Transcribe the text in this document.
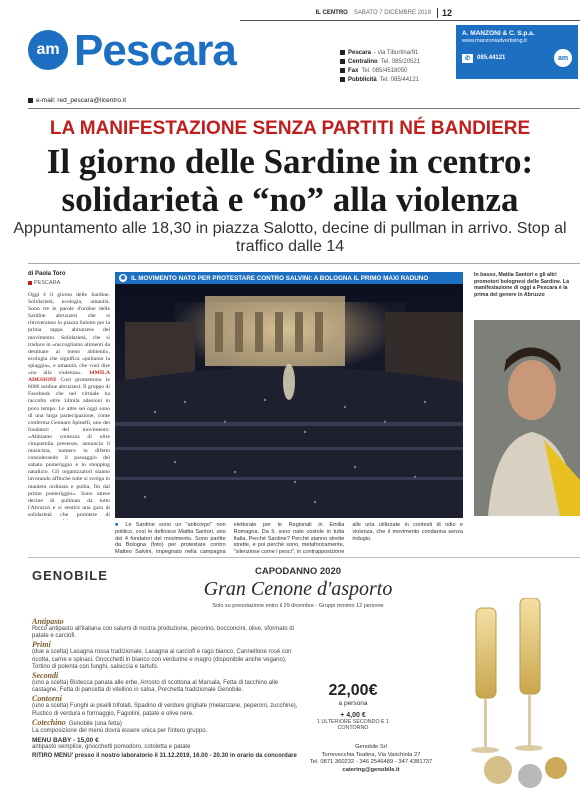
am Pescara
IL CENTRO SABATO 7 DICEMBRE 2019	12
Pescara - via Tiburtina/91
Centralino Tel. 085/20521
Fax Tel. 085/4518050
Pubblicità Tel. 085/44121
A. MANZONI & C. S.p.a.
www.manzoniadvertising.it
✆	085.44121	am
e-mail: red_pescara@ilcentro.it
LA MANIFESTAZIONE SENZA PARTITI NÉ BANDIERE
Il giorno delle Sardine in centro:
solidarietà e “no” alla violenza
Appuntamento alle 18,30 in piazza Salotto, decine di pullman in arrivo. Stop al traffico dalle 14
di Paola Toro
PESCARA
Oggi è il giorno delle Sardine. Solidarietà, ecologia, umanità. Sono tre le parole d'ordine delle Sardine abruzzesi che si ritroveranno in piazza Salotto per la prima tappa abruzzese del movimento. Solidarietà, che si traduce in «raccogliamo alimenti da destinare ai meno abbienti», ecologia che significa «puliamo la spiaggia», e umanità, che vuol dire «no alla violenza». 14MILA ADESIONI Così promettono le 6000 sardine abruzzesi. Il gruppo di Facebook che nel virtuale ha raccolto oltre 14mila adesioni in poco tempo. Le altre sei oggi sono di una larga partecipazione, come conferma Gennaro Spinelli, uno dei fondatori del movimento: «Abbiamo contezza di oltre cinquemila presenze, annuncia il musicista, numero in difetto considerando il passaggio del sabato pomeriggio e lo shopping natalizio. Gli organizzatori stanno lavorando affinché tutte si svolga in maniera ordinata e pulita, fin dal primo pomeriggio». Sono attese decine di pullman da tutto l'Abruzzo e si sentirà una gara di solidarietà che promette di
◉ IL MOVIMENTO NATO PER PROTESTARE CONTRO SALVINI: A BOLOGNA IL PRIMO MAXI RADUNO	In basso, Mattia Santori e gli altri promotori bolognesi delle Sardine. La manifestazione di oggi a Pescara è la prima del genere in Abruzzo
■ Le Sardine sono un "anticorpo" non politico, così le definisce Mattia Santori, uno dei 4 fondatori del movimento. Sono partite da Bologna (foto) per protestare contro Matteo Salvini, impegnato nella campagna elettorale per le Regionali in Emilia Romagna. Da lì, sono nate costole in tutta Italia. Perché Sardine? Perché stanno strette strette, e poi perché sono, metaforicamente, "silenziose come i pesci", in contrapposizione alle urla utilizzate in contesti di odio e violenza, che il movimento condanna senza indugio.
GENOBILE	CAPODANNO 2020
Gran Cenone d'asporto
Solo su prenotazione entro il 29 dicembre - Gruppi minimo 12 persone
Antipasto
Ricco antipasto all'italiana con salumi di nostra produzione, pecorino, bocconcini, olive, sformato di patate e carciofi.
Primi
(due a scelta) Lasagna rossa tradizionale, Lasagna ai carciofi e ragù bianco, Cannellone rosé con ricotta, carne e spinaci, Gnocchetti in bianco con verdurine e magro (disponibile anche vegano), Tortino di polenta con funghi, salsiccia e tartufo.
Secondi
(uno a scelta) Bistecca panata alle erbe, Arrosto di scottona al Marsala, Fetta di tacchino alle castagne, Fetta di pancetta di vitellino in salsa, Porchetta tradizionale Genobile.
Contorni
(uno a scelta) Funghi ai piselli trifolati, Spadino di verdure grigliate (melanzane, peperoni, zucchine), Rustico di verdura e formaggio, Fagiolini, patate e olive nere.
Cotechino Genobile (una fetta)
La composizione del menù dovrà essere unica per l'intero gruppo.
MENU BABY - 15,00 €
antipasto semplice, gnocchetti pomodoro, cotoletta e patate
RITIRO MENU' presso il nostro laboratorio il 31.12.2019, 16.00 - 20.30 in orario da concordare
22,00€
a persona
+ 4,00 €
1 ULTERIORE SECONDO E 1 CONTORNO
Genobile Srl
Torrevecchia Teatina, Via Vaschiola 27
Tel. 0871 360232 - 346 2546489 - 347 4381737
catering@genobile.it
